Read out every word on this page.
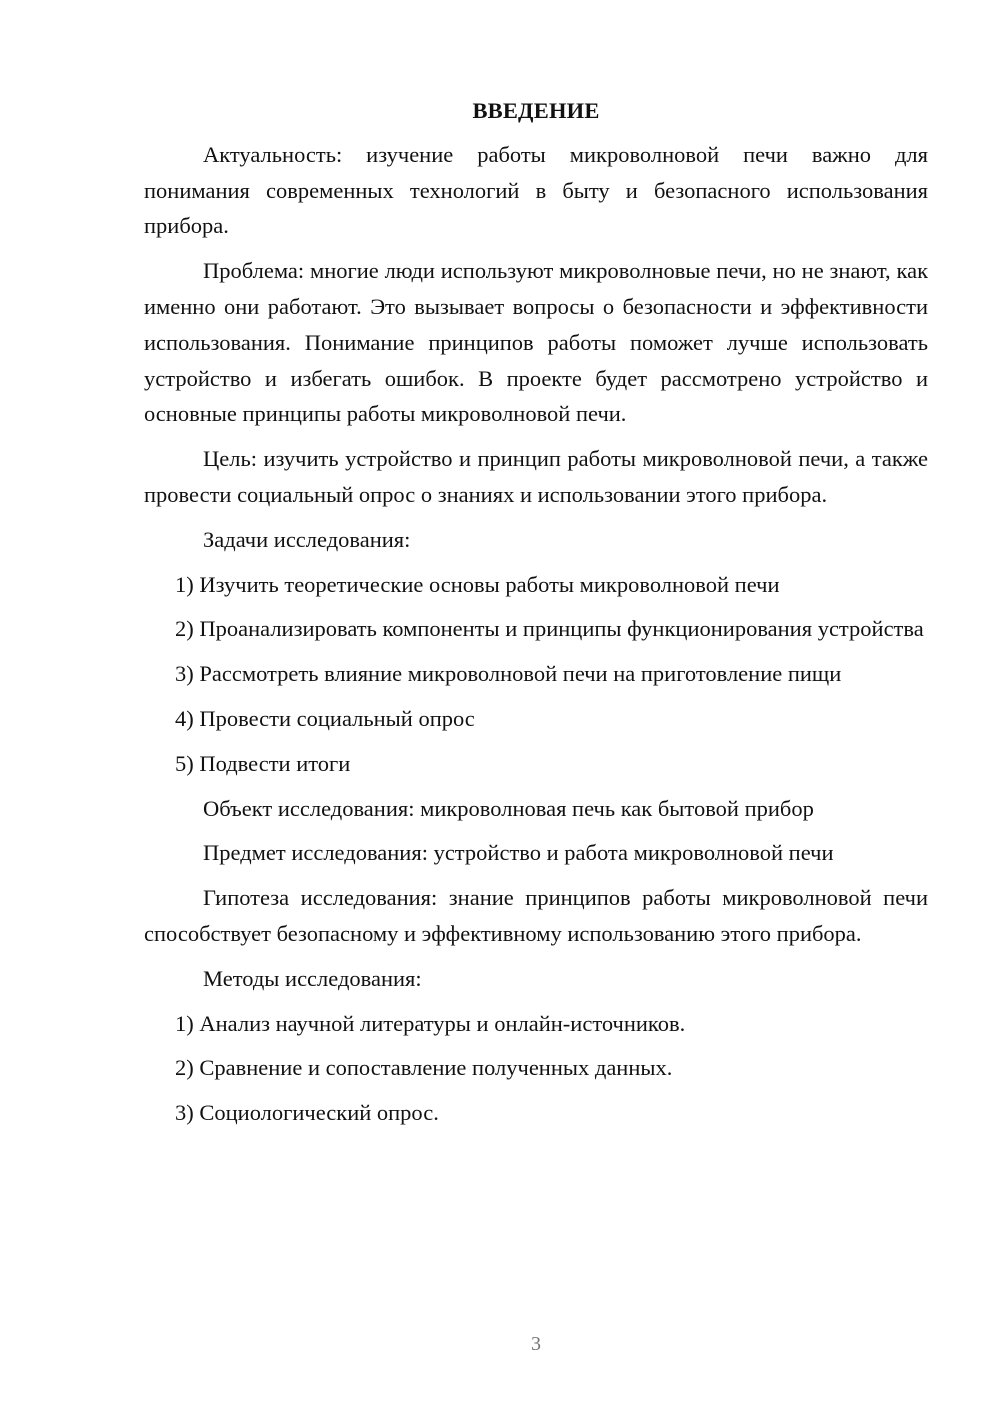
ВВЕДЕНИЕ
Актуальность: изучение работы микроволновой печи важно для понимания современных технологий в быту и безопасного использования прибора.
Проблема: многие люди используют микроволновые печи, но не знают, как именно они работают. Это вызывает вопросы о безопасности и эффективности использования. Понимание принципов работы поможет лучше использовать устройство и избегать ошибок. В проекте будет рассмотрено устройство и основные принципы работы микроволновой печи.
Цель: изучить устройство и принцип работы микроволновой печи, а также провести социальный опрос о знаниях и использовании этого прибора.
Задачи исследования:
1) Изучить теоретические основы работы микроволновой печи
2) Проанализировать компоненты и принципы функционирования устройства
3) Рассмотреть влияние микроволновой печи на приготовление пищи
4) Провести социальный опрос
5) Подвести итоги
Объект исследования: микроволновая печь как бытовой прибор
Предмет исследования: устройство и работа микроволновой печи
Гипотеза исследования: знание принципов работы микроволновой печи способствует безопасному и эффективному использованию этого прибора.
Методы исследования:
1) Анализ научной литературы и онлайн-источников.
2) Сравнение и сопоставление полученных данных.
3) Социологический опрос.
3
